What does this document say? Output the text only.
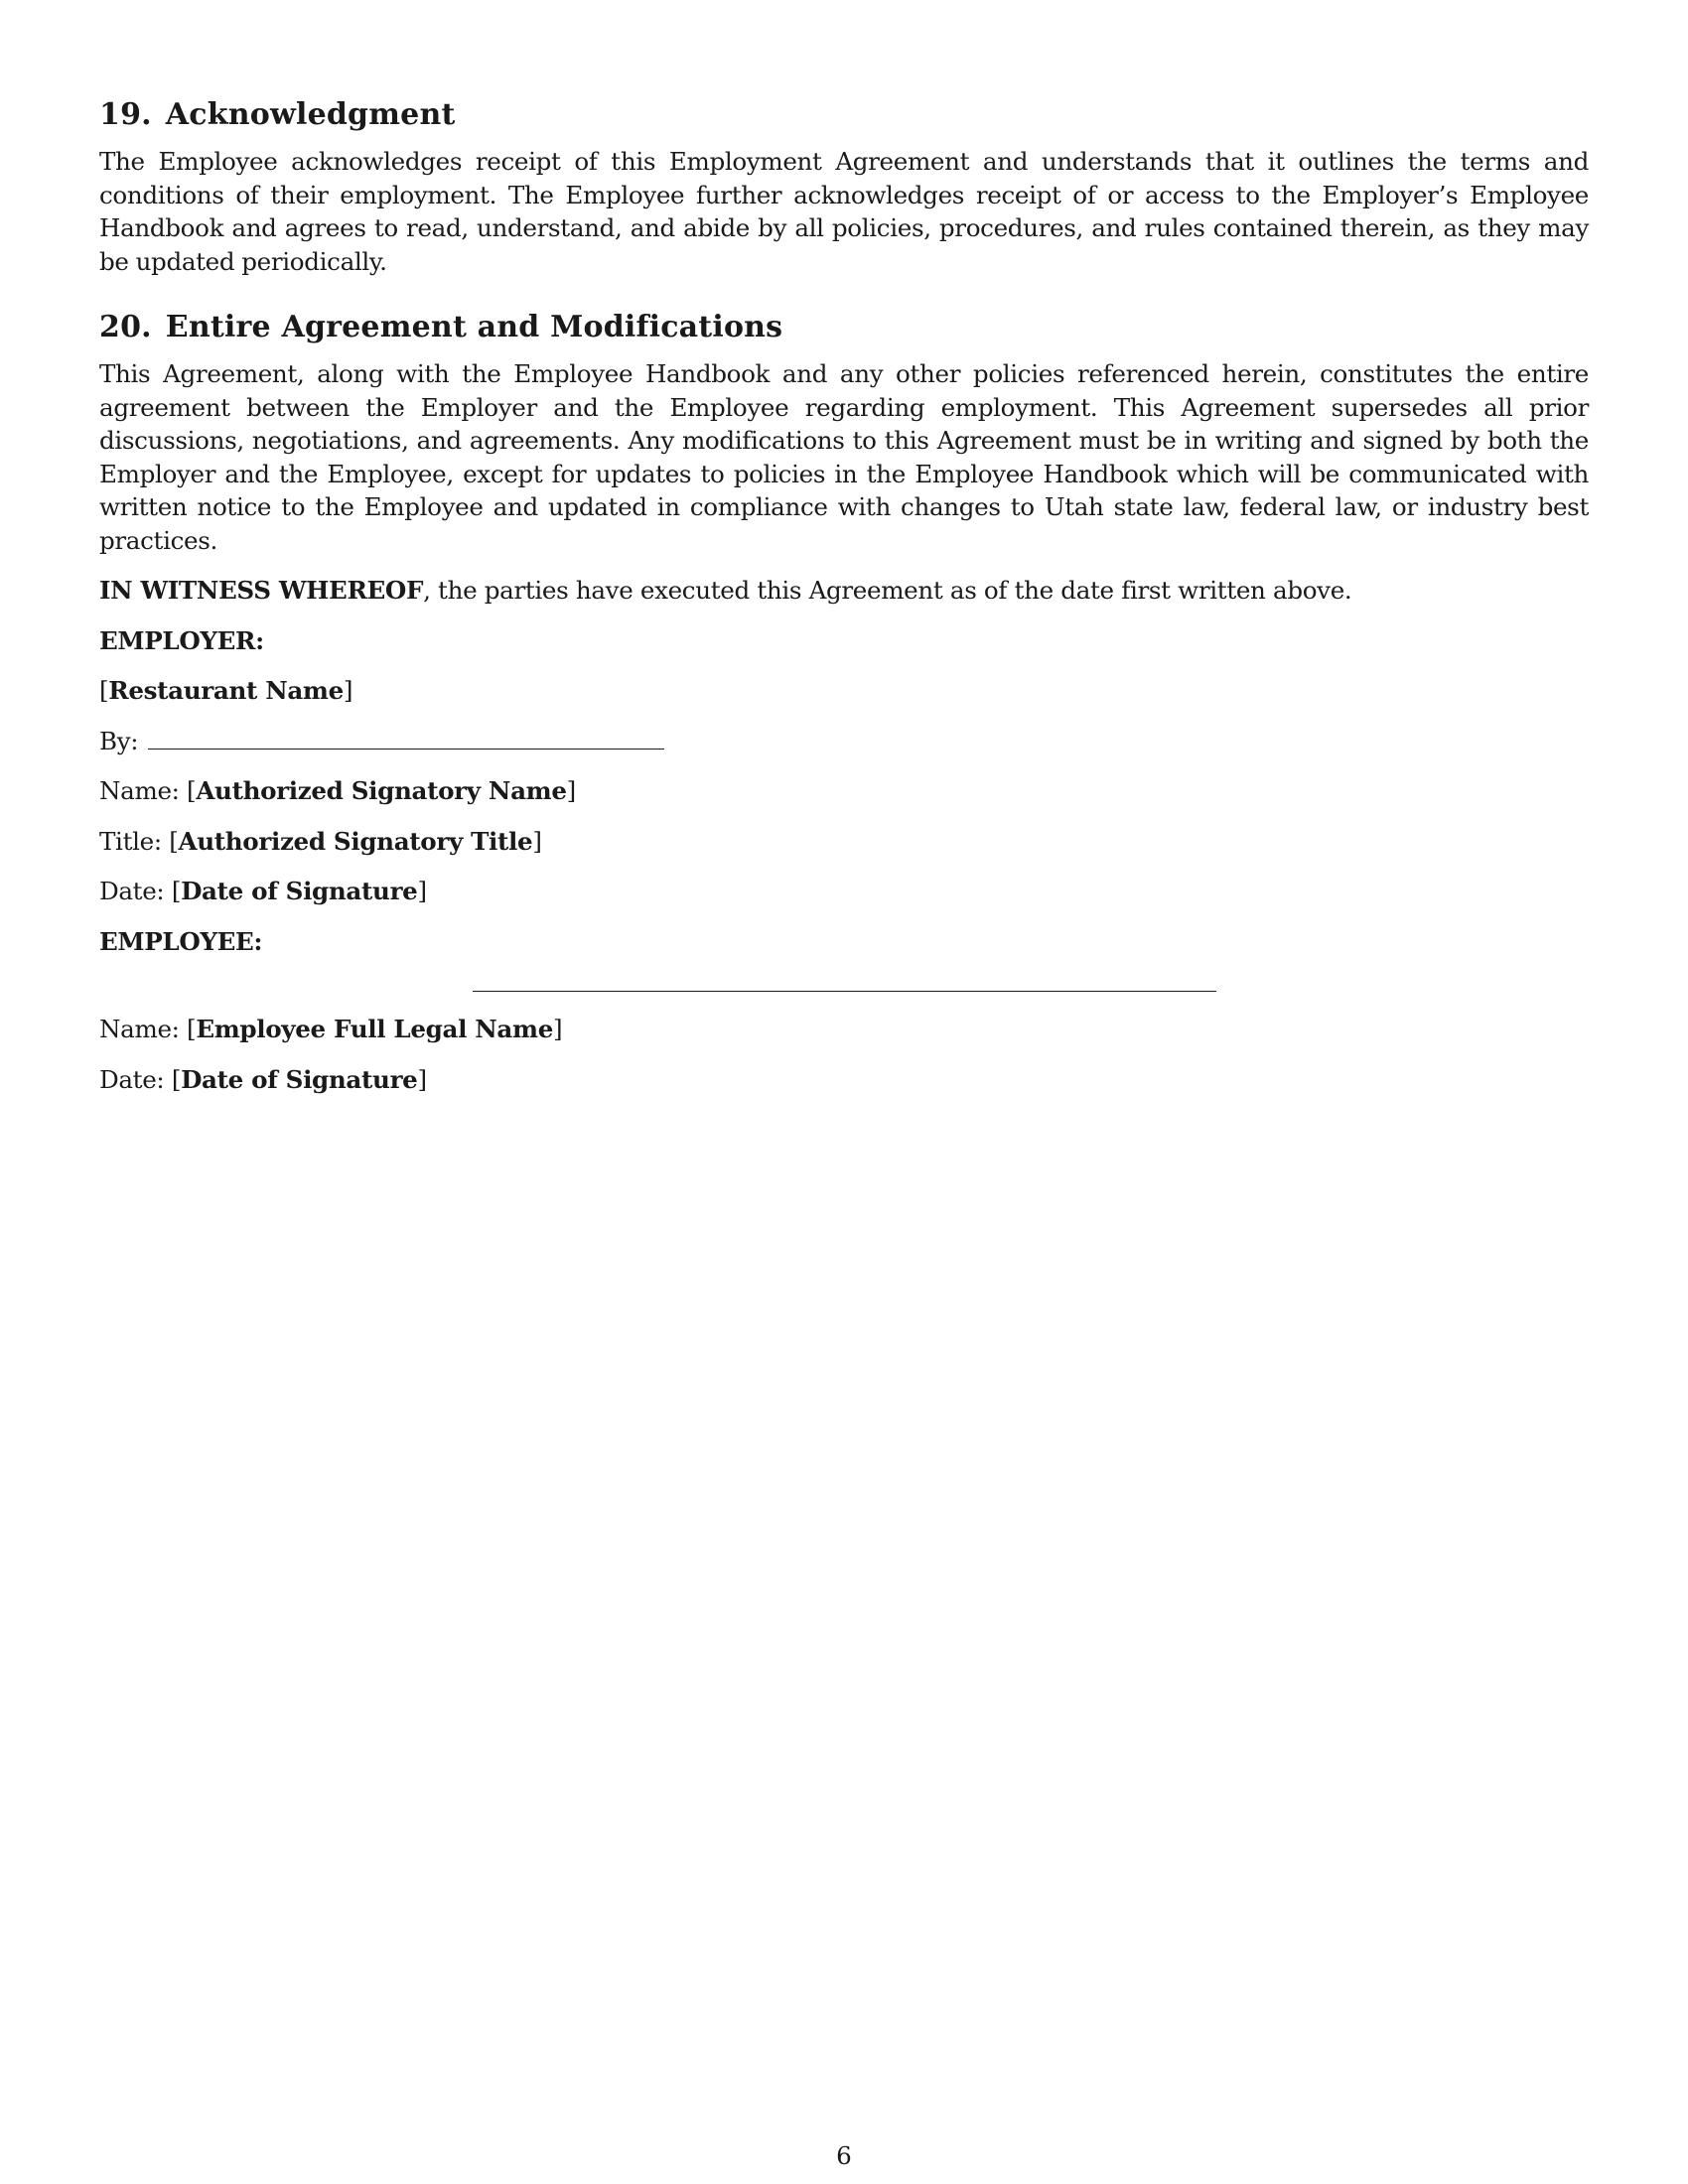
19. Acknowledgment

The Employee acknowledges receipt of this Employment Agreement and understands that it outlines the terms and conditions of their employment. The Employee further acknowledges receipt of or access to the Employer’s Employee Handbook and agrees to read, understand, and abide by all policies, procedures, and rules contained therein, as they may be updated periodically.

20. Entire Agreement and Modifications

This Agreement, along with the Employee Handbook and any other policies referenced herein, constitutes the entire agreement between the Employer and the Employee regarding employment. This Agreement supersedes all prior discussions, negotiations, and agreements. Any modifications to this Agreement must be in writing and signed by both the Employer and the Employee, except for updates to policies in the Employee Handbook which will be communicated with written notice to the Employee and updated in compliance with changes to Utah state law, federal law, or industry best practices.

IN WITNESS WHEREOF, the parties have executed this Agreement as of the date first written above.

EMPLOYER:

[Restaurant Name]

By:

Name: [Authorized Signatory Name]

Title: [Authorized Signatory Title]

Date: [Date of Signature]

EMPLOYEE:

Name: [Employee Full Legal Name]

Date: [Date of Signature]

6
